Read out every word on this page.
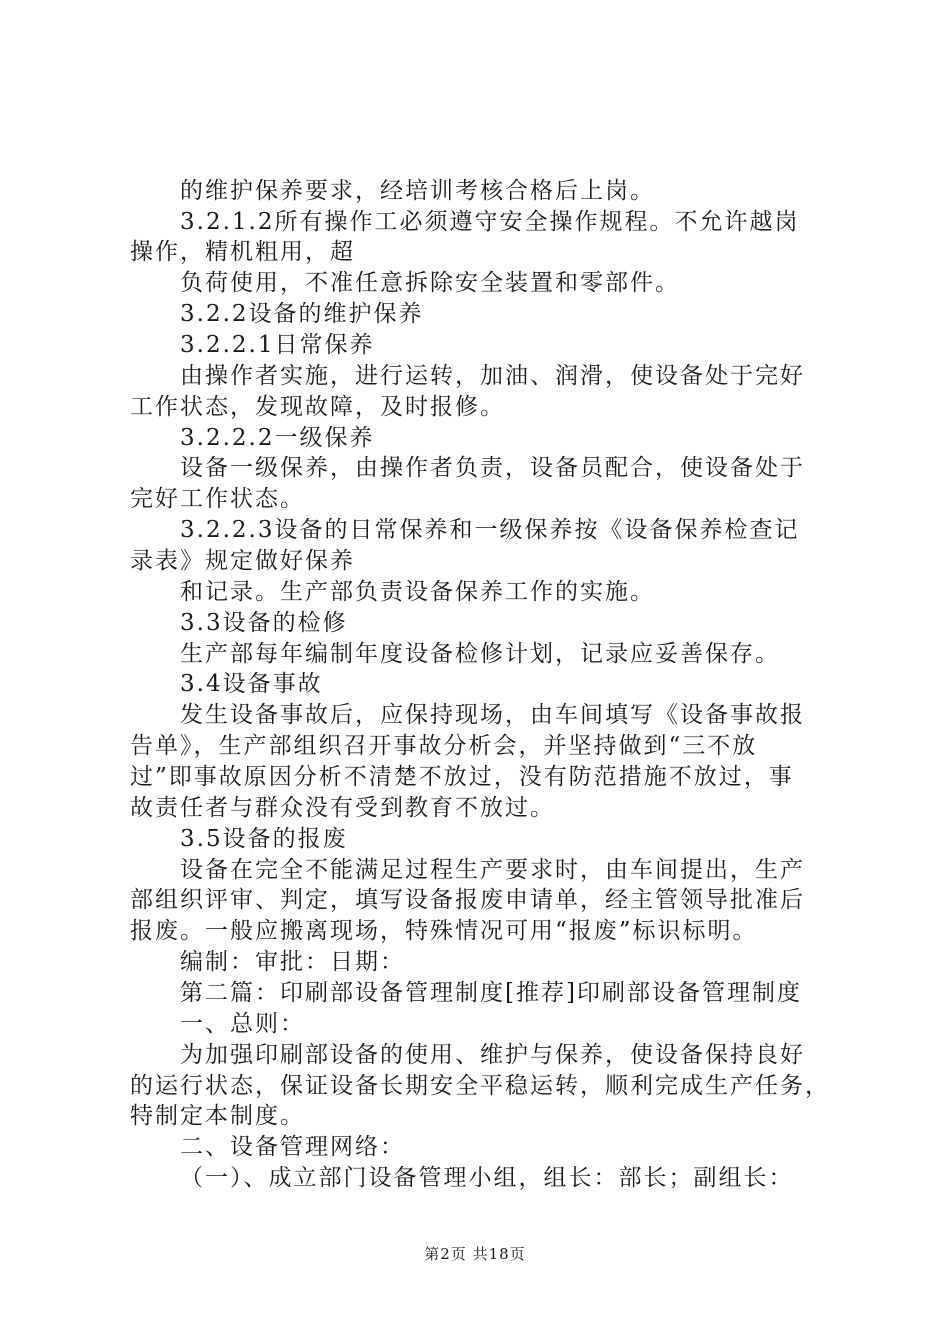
的维护保养要求，经培训考核合格后上岗。
3.2.1.2所有操作工必须遵守安全操作规程。不允许越岗
操作，精机粗用，超
负荷使用，不准任意拆除安全装置和零部件。
3.2.2设备的维护保养
3.2.2.1日常保养
由操作者实施，进行运转，加油、润滑，使设备处于完好
工作状态，发现故障，及时报修。
3.2.2.2一级保养
设备一级保养，由操作者负责，设备员配合，使设备处于
完好工作状态。
3.2.2.3设备的日常保养和一级保养按《设备保养检查记
录表》规定做好保养
和记录。生产部负责设备保养工作的实施。
3.3设备的检修
生产部每年编制年度设备检修计划，记录应妥善保存。
3.4设备事故
发生设备事故后，应保持现场，由车间填写《设备事故报
告单》，生产部组织召开事故分析会，并坚持做到“三不放
过”即事故原因分析不清楚不放过，没有防范措施不放过，事
故责任者与群众没有受到教育不放过。
3.5设备的报废
设备在完全不能满足过程生产要求时，由车间提出，生产
部组织评审、判定，填写设备报废申请单，经主管领导批准后
报废。一般应搬离现场，特殊情况可用“报废”标识标明。
编制：审批：日期：
第二篇：印刷部设备管理制度[推荐]印刷部设备管理制度
一、总则：
为加强印刷部设备的使用、维护与保养，使设备保持良好
的运行状态，保证设备长期安全平稳运转，顺利完成生产任务，
特制定本制度。
二、设备管理网络：
（一）、成立部门设备管理小组，组长：部长；副组长：
第2页 共18页
